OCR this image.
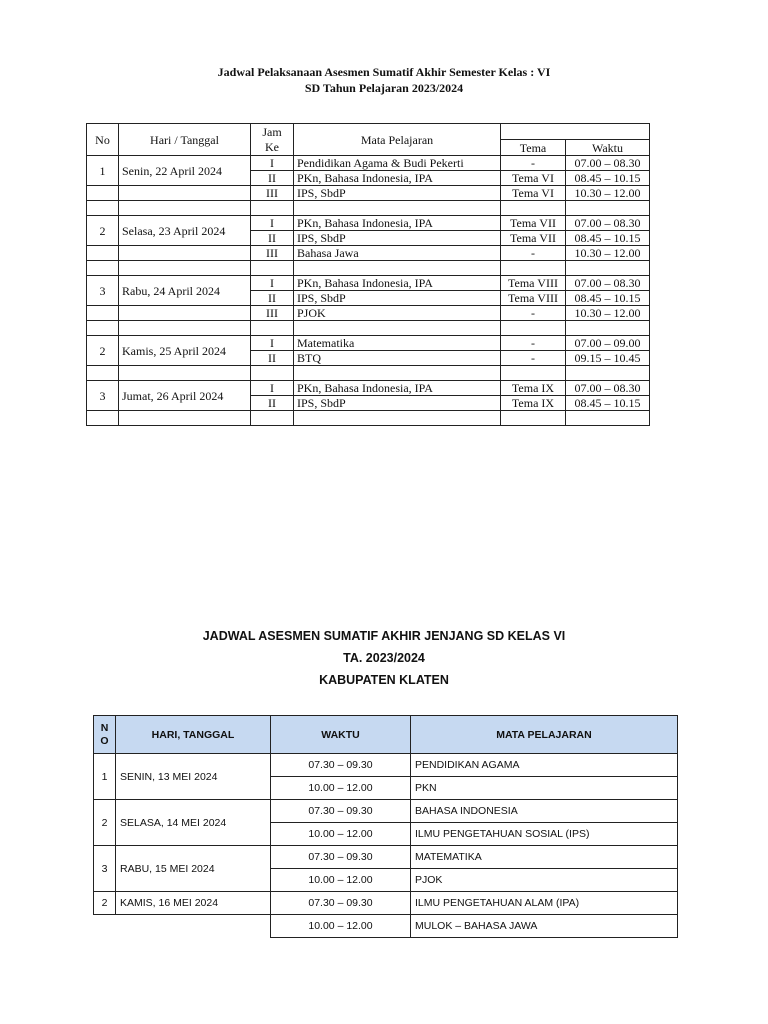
Jadwal Pelaksanaan Asesmen Sumatif Akhir Semester Kelas : VI
SD Tahun Pelajaran 2023/2024
No	Hari / Tanggal	Jam Ke	Mata Pelajaran		
				Tema	Waktu
1	Senin, 22 April 2024	I	Pendidikan Agama & Budi Pekerti	-	07.00 – 08.30
		II	PKn, Bahasa Indonesia, IPA	Tema VI	08.45 – 10.15
		III	IPS, SbdP	Tema VI	10.30 – 12.00

2	Selasa, 23 April 2024	I	PKn, Bahasa Indonesia, IPA	Tema VII	07.00 – 08.30
		II	IPS, SbdP	Tema VII	08.45 – 10.15
		III	Bahasa Jawa	-	10.30 – 12.00

3	Rabu, 24 April 2024	I	PKn, Bahasa Indonesia, IPA	Tema VIII	07.00 – 08.30
		II	IPS, SbdP	Tema VIII	08.45 – 10.15
		III	PJOK	-	10.30 – 12.00

2	Kamis, 25 April 2024	I	Matematika	-	07.00 – 09.00
		II	BTQ	-	09.15 – 10.45

3	Jumat, 26 April 2024	I	PKn, Bahasa Indonesia, IPA	Tema IX	07.00 – 08.30
		II	IPS, SbdP	Tema IX	08.45 – 10.15

JADWAL ASESMEN SUMATIF AKHIR JENJANG SD KELAS VI
TA. 2023/2024
KABUPATEN KLATEN
N O	HARI, TANGGAL	WAKTU	MATA PELAJARAN
1	SENIN, 13 MEI 2024	07.30 – 09.30	PENDIDIKAN AGAMA
		10.00 – 12.00	PKN
2	SELASA, 14 MEI 2024	07.30 – 09.30	BAHASA INDONESIA
		10.00 – 12.00	ILMU PENGETAHUAN SOSIAL (IPS)
3	RABU, 15 MEI 2024	07.30 – 09.30	MATEMATIKA
		10.00 – 12.00	PJOK
2	KAMIS, 16 MEI 2024	07.30 – 09.30	ILMU PENGETAHUAN ALAM (IPA)
		10.00 – 12.00	MULOK – BAHASA JAWA
